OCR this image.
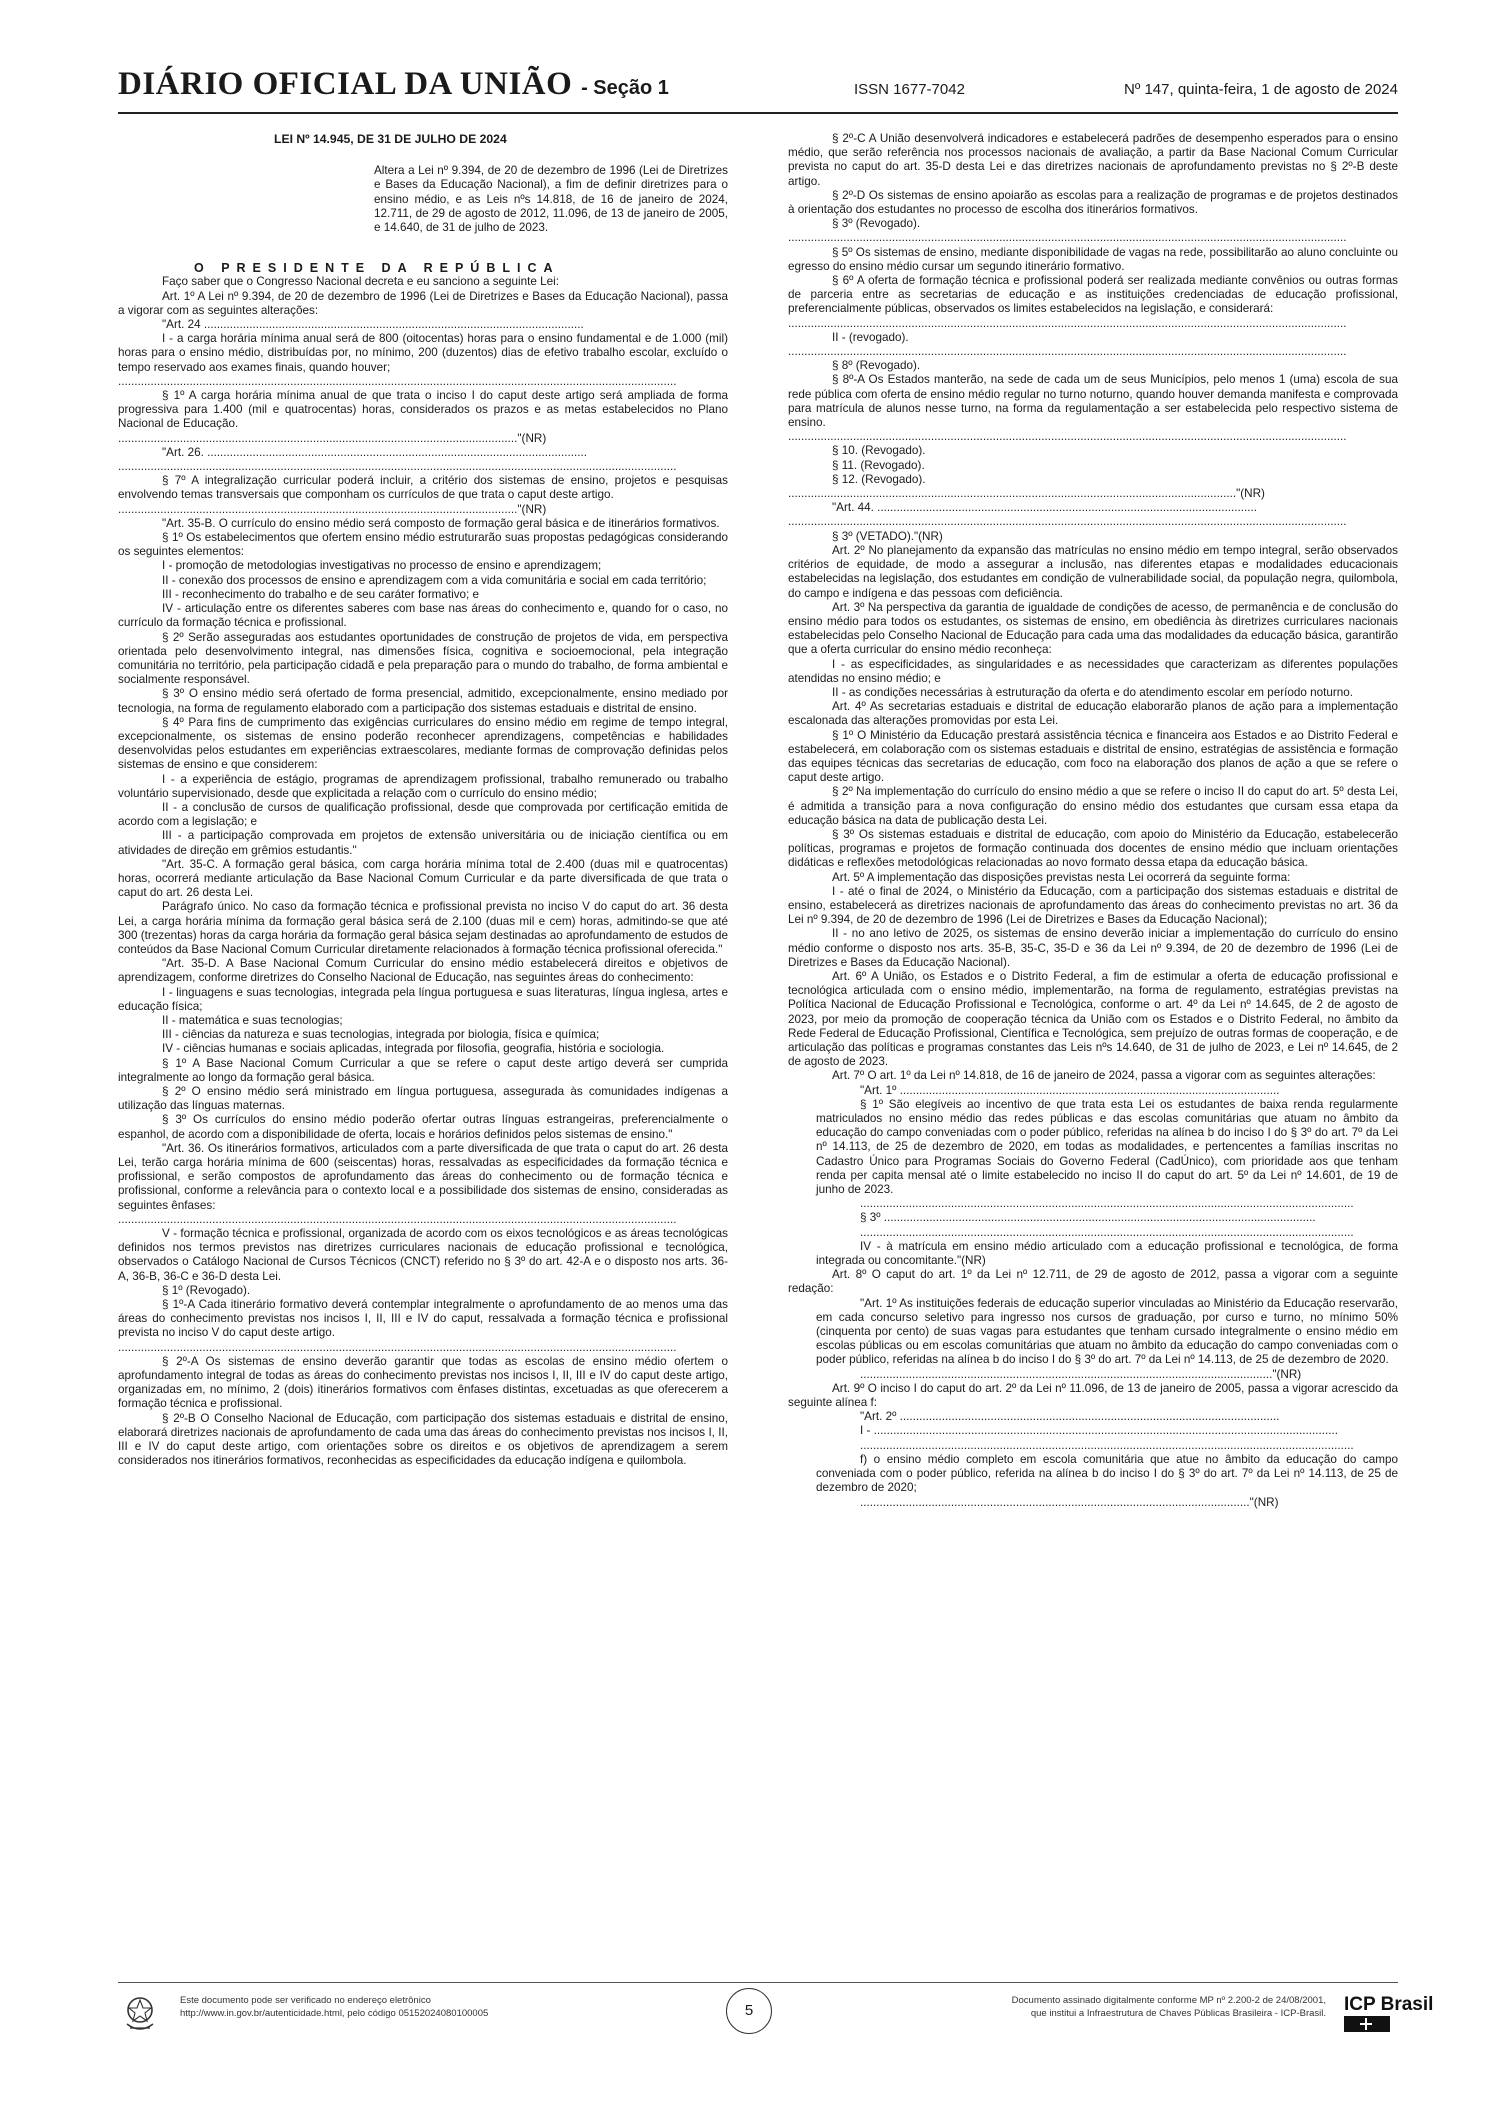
DIÁRIO OFICIAL DA UNIÃO - Seção 1	ISSN 1677-7042	Nº 147, quinta-feira, 1 de agosto de 2024

LEI Nº 14.945, DE 31 DE JULHO DE 2024

Altera a Lei nº 9.394, de 20 de dezembro de 1996 (Lei de Diretrizes e Bases da Educação Nacional), a fim de definir diretrizes para o ensino médio, e as Leis nºs 14.818, de 16 de janeiro de 2024, 12.711, de 29 de agosto de 2012, 11.096, de 13 de janeiro de 2005, e 14.640, de 31 de julho de 2023.

O PRESIDENTE DA REPÚBLICA

Faço saber que o Congresso Nacional decreta e eu sanciono a seguinte Lei:

Art. 1º A Lei nº 9.394, de 20 de dezembro de 1996 (Lei de Diretrizes e Bases da Educação Nacional), passa a vigorar com as seguintes alterações:

"Art. 24 .....................................................................................................................

I - a carga horária mínima anual será de 800 (oitocentas) horas para o ensino fundamental e de 1.000 (mil) horas para o ensino médio, distribuídas por, no mínimo, 200 (duzentos) dias de efetivo trabalho escolar, excluído o tempo reservado aos exames finais, quando houver;

............................................................................................................................................................................

§ 1º A carga horária mínima anual de que trata o inciso I do caput deste artigo será ampliada de forma progressiva para 1.400 (mil e quatrocentas) horas, considerados os prazos e as metas estabelecidos no Plano Nacional de Educação.

..........................................................................................................................."(NR)

"Art. 26. .....................................................................................................................

............................................................................................................................................................................

§ 7º A integralização curricular poderá incluir, a critério dos sistemas de ensino, projetos e pesquisas envolvendo temas transversais que componham os currículos de que trata o caput deste artigo.

..........................................................................................................................."(NR)

"Art. 35-B. O currículo do ensino médio será composto de formação geral básica e de itinerários formativos.

§ 1º Os estabelecimentos que ofertem ensino médio estruturarão suas propostas pedagógicas considerando os seguintes elementos:

I - promoção de metodologias investigativas no processo de ensino e aprendizagem;

II - conexão dos processos de ensino e aprendizagem com a vida comunitária e social em cada território;

III - reconhecimento do trabalho e de seu caráter formativo; e

IV - articulação entre os diferentes saberes com base nas áreas do conhecimento e, quando for o caso, no currículo da formação técnica e profissional.

§ 2º Serão asseguradas aos estudantes oportunidades de construção de projetos de vida, em perspectiva orientada pelo desenvolvimento integral, nas dimensões física, cognitiva e socioemocional, pela integração comunitária no território, pela participação cidadã e pela preparação para o mundo do trabalho, de forma ambiental e socialmente responsável.

§ 3º O ensino médio será ofertado de forma presencial, admitido, excepcionalmente, ensino mediado por tecnologia, na forma de regulamento elaborado com a participação dos sistemas estaduais e distrital de ensino.

§ 4º Para fins de cumprimento das exigências curriculares do ensino médio em regime de tempo integral, excepcionalmente, os sistemas de ensino poderão reconhecer aprendizagens, competências e habilidades desenvolvidas pelos estudantes em experiências extraescolares, mediante formas de comprovação definidas pelos sistemas de ensino e que considerem:

I - a experiência de estágio, programas de aprendizagem profissional, trabalho remunerado ou trabalho voluntário supervisionado, desde que explicitada a relação com o currículo do ensino médio;

II - a conclusão de cursos de qualificação profissional, desde que comprovada por certificação emitida de acordo com a legislação; e

III - a participação comprovada em projetos de extensão universitária ou de iniciação científica ou em atividades de direção em grêmios estudantis."

"Art. 35-C. A formação geral básica, com carga horária mínima total de 2.400 (duas mil e quatrocentas) horas, ocorrerá mediante articulação da Base Nacional Comum Curricular e da parte diversificada de que trata o caput do art. 26 desta Lei.

Parágrafo único. No caso da formação técnica e profissional prevista no inciso V do caput do art. 36 desta Lei, a carga horária mínima da formação geral básica será de 2.100 (duas mil e cem) horas, admitindo-se que até 300 (trezentas) horas da carga horária da formação geral básica sejam destinadas ao aprofundamento de estudos de conteúdos da Base Nacional Comum Curricular diretamente relacionados à formação técnica profissional oferecida."

"Art. 35-D. A Base Nacional Comum Curricular do ensino médio estabelecerá direitos e objetivos de aprendizagem, conforme diretrizes do Conselho Nacional de Educação, nas seguintes áreas do conhecimento:

I - linguagens e suas tecnologias, integrada pela língua portuguesa e suas literaturas, língua inglesa, artes e educação física;

II - matemática e suas tecnologias;

III - ciências da natureza e suas tecnologias, integrada por biologia, física e química;

IV - ciências humanas e sociais aplicadas, integrada por filosofia, geografia, história e sociologia.

§ 1º A Base Nacional Comum Curricular a que se refere o caput deste artigo deverá ser cumprida integralmente ao longo da formação geral básica.

§ 2º O ensino médio será ministrado em língua portuguesa, assegurada às comunidades indígenas a utilização das línguas maternas.

§ 3º Os currículos do ensino médio poderão ofertar outras línguas estrangeiras, preferencialmente o espanhol, de acordo com a disponibilidade de oferta, locais e horários definidos pelos sistemas de ensino."

"Art. 36. Os itinerários formativos, articulados com a parte diversificada de que trata o caput do art. 26 desta Lei, terão carga horária mínima de 600 (seiscentas) horas, ressalvadas as especificidades da formação técnica e profissional, e serão compostos de aprofundamento das áreas do conhecimento ou de formação técnica e profissional, conforme a relevância para o contexto local e a possibilidade dos sistemas de ensino, consideradas as seguintes ênfases:

............................................................................................................................................................................

V - formação técnica e profissional, organizada de acordo com os eixos tecnológicos e as áreas tecnológicas definidos nos termos previstos nas diretrizes curriculares nacionais de educação profissional e tecnológica, observados o Catálogo Nacional de Cursos Técnicos (CNCT) referido no § 3º do art. 42-A e o disposto nos arts. 36-A, 36-B, 36-C e 36-D desta Lei.

§ 1º (Revogado).

§ 1º-A Cada itinerário formativo deverá contemplar integralmente o aprofundamento de ao menos uma das áreas do conhecimento previstas nos incisos I, II, III e IV do caput, ressalvada a formação técnica e profissional prevista no inciso V do caput deste artigo.

............................................................................................................................................................................

§ 2º-A Os sistemas de ensino deverão garantir que todas as escolas de ensino médio ofertem o aprofundamento integral de todas as áreas do conhecimento previstas nos incisos I, II, III e IV do caput deste artigo, organizadas em, no mínimo, 2 (dois) itinerários formativos com ênfases distintas, excetuadas as que oferecerem a formação técnica e profissional.

§ 2º-B O Conselho Nacional de Educação, com participação dos sistemas estaduais e distrital de ensino, elaborará diretrizes nacionais de aprofundamento de cada uma das áreas do conhecimento previstas nos incisos I, II, III e IV do caput deste artigo, com orientações sobre os direitos e os objetivos de aprendizagem a serem considerados nos itinerários formativos, reconhecidas as especificidades da educação indígena e quilombola.

§ 2º-C A União desenvolverá indicadores e estabelecerá padrões de desempenho esperados para o ensino médio, que serão referência nos processos nacionais de avaliação, a partir da Base Nacional Comum Curricular prevista no caput do art. 35-D desta Lei e das diretrizes nacionais de aprofundamento previstas no § 2º-B deste artigo.

§ 2º-D Os sistemas de ensino apoiarão as escolas para a realização de programas e de projetos destinados à orientação dos estudantes no processo de escolha dos itinerários formativos.

§ 3º (Revogado).

............................................................................................................................................................................

§ 5º Os sistemas de ensino, mediante disponibilidade de vagas na rede, possibilitarão ao aluno concluinte ou egresso do ensino médio cursar um segundo itinerário formativo.

§ 6º A oferta de formação técnica e profissional poderá ser realizada mediante convênios ou outras formas de parceria entre as secretarias de educação e as instituições credenciadas de educação profissional, preferencialmente públicas, observados os limites estabelecidos na legislação, e considerará:

............................................................................................................................................................................

II - (revogado).

............................................................................................................................................................................

§ 8º (Revogado).

§ 8º-A Os Estados manterão, na sede de cada um de seus Municípios, pelo menos 1 (uma) escola de sua rede pública com oferta de ensino médio regular no turno noturno, quando houver demanda manifesta e comprovada para matrícula de alunos nesse turno, na forma da regulamentação a ser estabelecida pelo respectivo sistema de ensino.

............................................................................................................................................................................

§ 10. (Revogado).

§ 11. (Revogado).

§ 12. (Revogado).

.........................................................................................................................................."(NR)

"Art. 44. .....................................................................................................................

............................................................................................................................................................................

§ 3º (VETADO)."(NR)

Art. 2º No planejamento da expansão das matrículas no ensino médio em tempo integral, serão observados critérios de equidade, de modo a assegurar a inclusão, nas diferentes etapas e modalidades educacionais estabelecidas na legislação, dos estudantes em condição de vulnerabilidade social, da população negra, quilombola, do campo e indígena e das pessoas com deficiência.

Art. 3º Na perspectiva da garantia de igualdade de condições de acesso, de permanência e de conclusão do ensino médio para todos os estudantes, os sistemas de ensino, em obediência às diretrizes curriculares nacionais estabelecidas pelo Conselho Nacional de Educação para cada uma das modalidades da educação básica, garantirão que a oferta curricular do ensino médio reconheça:

I - as especificidades, as singularidades e as necessidades que caracterizam as diferentes populações atendidas no ensino médio; e

II - as condições necessárias à estruturação da oferta e do atendimento escolar em período noturno.

Art. 4º As secretarias estaduais e distrital de educação elaborarão planos de ação para a implementação escalonada das alterações promovidas por esta Lei.

§ 1º O Ministério da Educação prestará assistência técnica e financeira aos Estados e ao Distrito Federal e estabelecerá, em colaboração com os sistemas estaduais e distrital de ensino, estratégias de assistência e formação das equipes técnicas das secretarias de educação, com foco na elaboração dos planos de ação a que se refere o caput deste artigo.

§ 2º Na implementação do currículo do ensino médio a que se refere o inciso II do caput do art. 5º desta Lei, é admitida a transição para a nova configuração do ensino médio dos estudantes que cursam essa etapa da educação básica na data de publicação desta Lei.

§ 3º Os sistemas estaduais e distrital de educação, com apoio do Ministério da Educação, estabelecerão políticas, programas e projetos de formação continuada dos docentes de ensino médio que incluam orientações didáticas e reflexões metodológicas relacionadas ao novo formato dessa etapa da educação básica.

Art. 5º A implementação das disposições previstas nesta Lei ocorrerá da seguinte forma:

I - até o final de 2024, o Ministério da Educação, com a participação dos sistemas estaduais e distrital de ensino, estabelecerá as diretrizes nacionais de aprofundamento das áreas do conhecimento previstas no art. 36 da Lei nº 9.394, de 20 de dezembro de 1996 (Lei de Diretrizes e Bases da Educação Nacional);

II - no ano letivo de 2025, os sistemas de ensino deverão iniciar a implementação do currículo do ensino médio conforme o disposto nos arts. 35-B, 35-C, 35-D e 36 da Lei nº 9.394, de 20 de dezembro de 1996 (Lei de Diretrizes e Bases da Educação Nacional).

Art. 6º A União, os Estados e o Distrito Federal, a fim de estimular a oferta de educação profissional e tecnológica articulada com o ensino médio, implementarão, na forma de regulamento, estratégias previstas na Política Nacional de Educação Profissional e Tecnológica, conforme o art. 4º da Lei nº 14.645, de 2 de agosto de 2023, por meio da promoção de cooperação técnica da União com os Estados e o Distrito Federal, no âmbito da Rede Federal de Educação Profissional, Científica e Tecnológica, sem prejuízo de outras formas de cooperação, e de articulação das políticas e programas constantes das Leis nºs 14.640, de 31 de julho de 2023, e Lei nº 14.645, de 2 de agosto de 2023.

Art. 7º O art. 1º da Lei nº 14.818, de 16 de janeiro de 2024, passa a vigorar com as seguintes alterações:

"Art. 1º .....................................................................................................................

§ 1º São elegíveis ao incentivo de que trata esta Lei os estudantes de baixa renda regularmente matriculados no ensino médio das redes públicas e das escolas comunitárias que atuam no âmbito da educação do campo conveniadas com o poder público, referidas na alínea b do inciso I do § 3º do art. 7º da Lei nº 14.113, de 25 de dezembro de 2020, em todas as modalidades, e pertencentes a famílias inscritas no Cadastro Único para Programas Sociais do Governo Federal (CadÚnico), com prioridade aos que tenham renda per capita mensal até o limite estabelecido no inciso II do caput do art. 5º da Lei nº 14.601, de 19 de junho de 2023.

........................................................................................................................................................

§ 3º .....................................................................................................................................

........................................................................................................................................................

IV - à matrícula em ensino médio articulado com a educação profissional e tecnológica, de forma integrada ou concomitante."(NR)

Art. 8º O caput do art. 1º da Lei nº 12.711, de 29 de agosto de 2012, passa a vigorar com a seguinte redação:

"Art. 1º As instituições federais de educação superior vinculadas ao Ministério da Educação reservarão, em cada concurso seletivo para ingresso nos cursos de graduação, por curso e turno, no mínimo 50% (cinquenta por cento) de suas vagas para estudantes que tenham cursado integralmente o ensino médio em escolas públicas ou em escolas comunitárias que atuam no âmbito da educação do campo conveniadas com o poder público, referidas na alínea b do inciso I do § 3º do art. 7º da Lei nº 14.113, de 25 de dezembro de 2020.

..............................................................................................................................."(NR)

Art. 9º O inciso I do caput do art. 2º da Lei nº 11.096, de 13 de janeiro de 2005, passa a vigorar acrescido da seguinte alínea f:

"Art. 2º .....................................................................................................................

I - ...............................................................................................................................................

........................................................................................................................................................

f) o ensino médio completo em escola comunitária que atue no âmbito da educação do campo conveniada com o poder público, referida na alínea b do inciso I do § 3º do art. 7º da Lei nº 14.113, de 25 de dezembro de 2020;

........................................................................................................................"(NR)

Este documento pode ser verificado no endereço eletrônico
http://www.in.gov.br/autenticidade.html, pelo código 05152024080100005	5
Documento assinado digitalmente conforme MP nº 2.200-2 de 24/08/2001,
que institui a Infraestrutura de Chaves Públicas Brasileira - ICP-Brasil. ICP Brasil
